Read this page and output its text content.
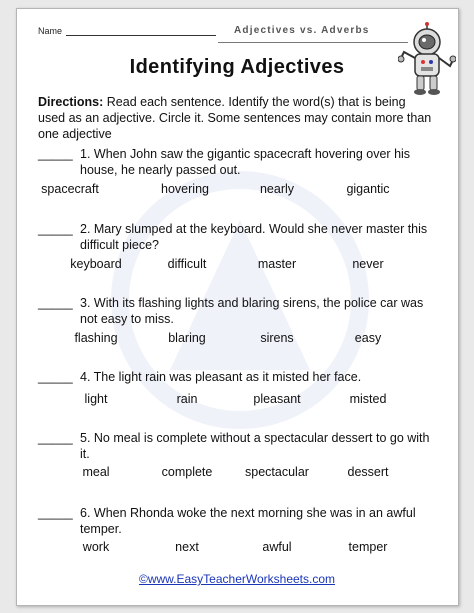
Name	Adjectives vs. Adverbs
Identifying Adjectives
Directions: Read each sentence. Identify the word(s) that is being used as an adjective. Circle it. Some sentences may contain more than one adjective
_____ 1. When John saw the gigantic spacecraft hovering over his house, he nearly passed out.
spacecraft	hovering	nearly	gigantic
_____ 2. Mary slumped at the keyboard. Would she never master this difficult piece?
keyboard	difficult	master	never
_____ 3. With its flashing lights and blaring sirens, the police car was not easy to miss.
flashing	blaring	sirens	easy
_____ 4. The light rain was pleasant as it misted her face.
light	rain	pleasant	misted
_____ 5. No meal is complete without a spectacular dessert to go with it.
meal	complete	spectacular	dessert
_____ 6. When Rhonda woke the next morning she was in an awful temper.
work	next	awful	temper
©www.EasyTeacherWorksheets.com
